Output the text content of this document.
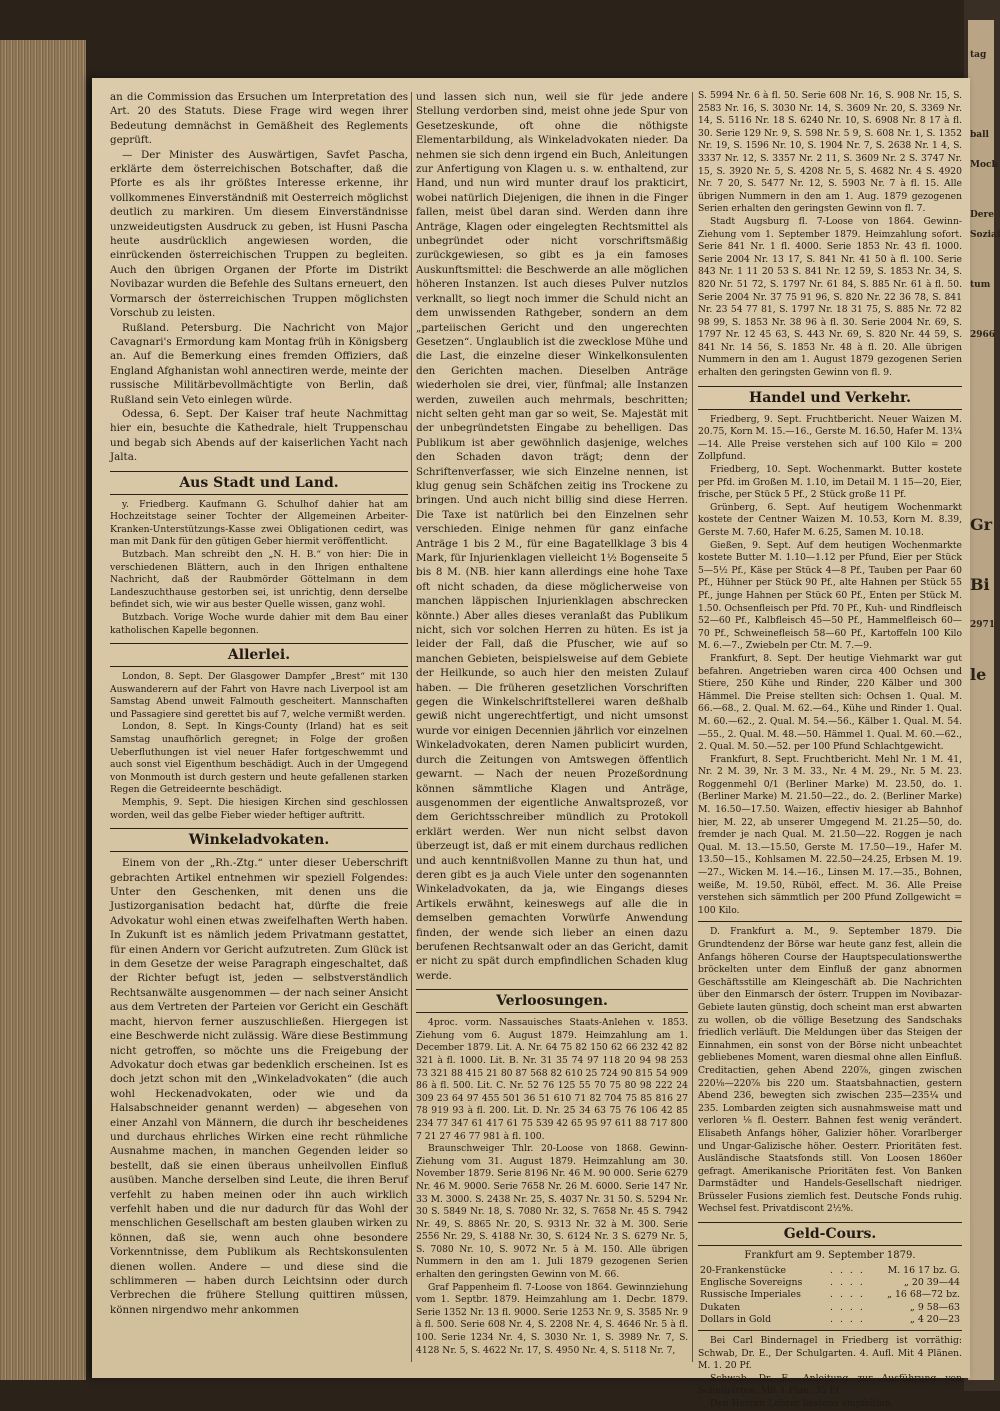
tag
ball
Moch
Dere
Sozial
tum
2966
Gr
Bi
le
2971

an die Commission das Ersuchen um Interpretation des Art. 20 des Statuts. Diese Frage wird wegen ihrer Bedeutung demnächst in Gemäßheit des Reglements geprüft.

— Der Minister des Auswärtigen, Savfet Pascha, erklärte dem österreichischen Botschafter, daß die Pforte es als ihr größtes Interesse erkenne, ihr vollkommenes Einverständniß mit Oesterreich möglichst deutlich zu markiren. Um diesem Einverständnisse unzweideutigsten Ausdruck zu geben, ist Husni Pascha heute ausdrücklich angewiesen worden, die einrückenden österreichischen Truppen zu begleiten. Auch den übrigen Organen der Pforte im Distrikt Novibazar wurden die Befehle des Sultans erneuert, den Vormarsch der österreichischen Truppen möglichsten Vorschub zu leisten.

Rußland. Petersburg. Die Nachricht von Major Cavagnari's Ermordung kam Montag früh in Königsberg an. Auf die Bemerkung eines fremden Offiziers, daß England Afghanistan wohl annectiren werde, meinte der russische Militärbevollmächtigte von Berlin, daß Rußland sein Veto einlegen würde.

Odessa, 6. Sept. Der Kaiser traf heute Nachmittag hier ein, besuchte die Kathedrale, hielt Truppenschau und begab sich Abends auf der kaiserlichen Yacht nach Jalta.

Aus Stadt und Land.

y. Friedberg. Kaufmann G. Schulhof dahier hat am Hochzeitstage seiner Tochter der Allgemeinen Arbeiter-Kranken-Unterstützungs-Kasse zwei Obligationen cedirt, was man mit Dank für den gütigen Geber hiermit veröffentlicht.

Butzbach. Man schreibt den „N. H. B.“ von hier: Die in verschiedenen Blättern, auch in den Ihrigen enthaltene Nachricht, daß der Raubmörder Göttelmann in dem Landeszuchthause gestorben sei, ist unrichtig, denn derselbe befindet sich, wie wir aus bester Quelle wissen, ganz wohl.

Butzbach. Vorige Woche wurde dahier mit dem Bau einer katholischen Kapelle begonnen.

Allerlei.

London, 8. Sept. Der Glasgower Dampfer „Brest“ mit 130 Auswanderern auf der Fahrt von Havre nach Liverpool ist am Samstag Abend unweit Falmouth gescheitert. Mannschaften und Passagiere sind gerettet bis auf 7, welche vermißt werden.

London, 8. Sept. In Kings-County (Irland) hat es seit Samstag unaufhörlich geregnet; in Folge der großen Ueberfluthungen ist viel neuer Hafer fortgeschwemmt und auch sonst viel Eigenthum beschädigt. Auch in der Umgegend von Monmouth ist durch gestern und heute gefallenen starken Regen die Getreideernte beschädigt.

Memphis, 9. Sept. Die hiesigen Kirchen sind geschlossen worden, weil das gelbe Fieber wieder heftiger auftritt.

Winkeladvokaten.

Einem von der „Rh.-Ztg.“ unter dieser Ueberschrift gebrachten Artikel entnehmen wir speziell Folgendes: Unter den Geschenken, mit denen uns die Justizorganisation bedacht hat, dürfte die freie Advokatur wohl einen etwas zweifelhaften Werth haben. In Zukunft ist es nämlich jedem Privatmann gestattet, für einen Andern vor Gericht aufzutreten. Zum Glück ist in dem Gesetze der weise Paragraph eingeschaltet, daß der Richter befugt ist, jeden — selbstverständlich Rechtsanwälte ausgenommen — der nach seiner Ansicht aus dem Vertreten der Parteien vor Gericht ein Geschäft macht, hiervon ferner auszuschließen. Hiergegen ist eine Beschwerde nicht zulässig. Wäre diese Bestimmung nicht getroffen, so möchte uns die Freigebung der Advokatur doch etwas gar bedenklich erscheinen. Ist es doch jetzt schon mit den „Winkeladvokaten“ (die auch wohl Heckenadvokaten, oder wie und da Halsabschneider genannt werden) — abgesehen von einer Anzahl von Männern, die durch ihr bescheidenes und durchaus ehrliches Wirken eine recht rühmliche Ausnahme machen, in manchen Gegenden leider so bestellt, daß sie einen überaus unheilvollen Einfluß ausüben. Manche derselben sind Leute, die ihren Beruf verfehlt zu haben meinen oder ihn auch wirklich verfehlt haben und die nur dadurch für das Wohl der menschlichen Gesellschaft am besten glauben wirken zu können, daß sie, wenn auch ohne besondere Vorkenntnisse, dem Publikum als Rechtskonsulenten dienen wollen. Andere — und diese sind die schlimmeren — haben durch Leichtsinn oder durch Verbrechen die frühere Stellung quittiren müssen, können nirgendwo mehr ankommen

und lassen sich nun, weil sie für jede andere Stellung verdorben sind, meist ohne jede Spur von Gesetzeskunde, oft ohne die nöthigste Elementarbildung, als Winkeladvokaten nieder. Da nehmen sie sich denn irgend ein Buch, Anleitungen zur Anfertigung von Klagen u. s. w. enthaltend, zur Hand, und nun wird munter drauf los prakticirt, wobei natürlich Diejenigen, die ihnen in die Finger fallen, meist übel daran sind. Werden dann ihre Anträge, Klagen oder eingelegten Rechtsmittel als unbegründet oder nicht vorschriftsmäßig zurückgewiesen, so gibt es ja ein famoses Auskunftsmittel: die Beschwerde an alle möglichen höheren Instanzen. Ist auch dieses Pulver nutzlos verknallt, so liegt noch immer die Schuld nicht an dem unwissenden Rathgeber, sondern an dem „parteiischen Gericht und den ungerechten Gesetzen“. Unglaublich ist die zwecklose Mühe und die Last, die einzelne dieser Winkelkonsulenten den Gerichten machen. Dieselben Anträge wiederholen sie drei, vier, fünfmal; alle Instanzen werden, zuweilen auch mehrmals, beschritten; nicht selten geht man gar so weit, Se. Majestät mit der unbegründetsten Eingabe zu behelligen. Das Publikum ist aber gewöhnlich dasjenige, welches den Schaden davon trägt; denn der Schriftenverfasser, wie sich Einzelne nennen, ist klug genug sein Schäfchen zeitig ins Trockene zu bringen. Und auch nicht billig sind diese Herren. Die Taxe ist natürlich bei den Einzelnen sehr verschieden. Einige nehmen für ganz einfache Anträge 1 bis 2 M., für eine Bagatellklage 3 bis 4 Mark, für Injurienklagen vielleicht 1½ Bogenseite 5 bis 8 M. (NB. hier kann allerdings eine hohe Taxe oft nicht schaden, da diese möglicherweise von manchen läppischen Injurienklagen abschrecken könnte.) Aber alles dieses veranlaßt das Publikum nicht, sich vor solchen Herren zu hüten. Es ist ja leider der Fall, daß die Pfuscher, wie auf so manchen Gebieten, beispielsweise auf dem Gebiete der Heilkunde, so auch hier den meisten Zulauf haben. — Die früheren gesetzlichen Vorschriften gegen die Winkelschriftstellerei waren deßhalb gewiß nicht ungerechtfertigt, und nicht umsonst wurde vor einigen Decennien jährlich vor einzelnen Winkeladvokaten, deren Namen publicirt wurden, durch die Zeitungen von Amtswegen öffentlich gewarnt. — Nach der neuen Prozeßordnung können sämmtliche Klagen und Anträge, ausgenommen der eigentliche Anwaltsprozeß, vor dem Gerichtsschreiber mündlich zu Protokoll erklärt werden. Wer nun nicht selbst davon überzeugt ist, daß er mit einem durchaus redlichen und auch kenntnißvollen Manne zu thun hat, und deren gibt es ja auch Viele unter den sogenannten Winkeladvokaten, da ja, wie Eingangs dieses Artikels erwähnt, keineswegs auf alle die in demselben gemachten Vorwürfe Anwendung finden, der wende sich lieber an einen dazu berufenen Rechtsanwalt oder an das Gericht, damit er nicht zu spät durch empfindlichen Schaden klug werde.

Verloosungen.

4proc. vorm. Nassauisches Staats-Anlehen v. 1853. Ziehung vom 6. August 1879. Heimzahlung am 1. December 1879. Lit. A. Nr. 64 75 82 150 62 66 232 42 82 321 à fl. 1000. Lit. B. Nr. 31 35 74 97 118 20 94 98 253 73 321 88 415 21 80 87 568 82 610 25 724 90 815 54 909 86 à fl. 500. Lit. C. Nr. 52 76 125 55 70 75 80 98 222 24 309 23 64 97 455 501 36 51 610 71 82 704 75 85 816 27 78 919 93 à fl. 200. Lit. D. Nr. 25 34 63 75 76 106 42 85 234 77 347 61 417 61 75 539 42 65 95 97 611 88 717 800 7 21 27 46 77 981 à fl. 100.

Braunschweiger Thlr. 20-Loose von 1868. Gewinn-Ziehung vom 31. August 1879. Heimzahlung am 30. November 1879. Serie 8196 Nr. 46 M. 90 000. Serie 6279 Nr. 46 M. 9000. Serie 7658 Nr. 26 M. 6000. Serie 147 Nr. 33 M. 3000. S. 2438 Nr. 25, S. 4037 Nr. 31 50. S. 5294 Nr. 30 S. 5849 Nr. 18, S. 7080 Nr. 32, S. 7658 Nr. 45 S. 7942 Nr. 49, S. 8865 Nr. 20, S. 9313 Nr. 32 à M. 300. Serie 2556 Nr. 29, S. 4188 Nr. 30, S. 6124 Nr. 3 S. 6279 Nr. 5, S. 7080 Nr. 10, S. 9072 Nr. 5 à M. 150. Alle übrigen Nummern in den am 1. Juli 1879 gezogenen Serien erhalten den geringsten Gewinn von M. 66.

Graf Pappenheim fl. 7-Loose von 1864. Gewinnziehung vom 1. Septbr. 1879. Heimzahlung am 1. Decbr. 1879. Serie 1352 Nr. 13 fl. 9000. Serie 1253 Nr. 9, S. 3585 Nr. 9 à fl. 500. Serie 608 Nr. 4, S. 2208 Nr. 4, S. 4646 Nr. 5 à fl. 100. Serie 1234 Nr. 4, S. 3030 Nr. 1, S. 3989 Nr. 7, S. 4128 Nr. 5, S. 4622 Nr. 17, S. 4950 Nr. 4, S. 5118 Nr. 7,

S. 5994 Nr. 6 à fl. 50. Serie 608 Nr. 16, S. 908 Nr. 15, S. 2583 Nr. 16, S. 3030 Nr. 14, S. 3609 Nr. 20, S. 3369 Nr. 14, S. 5116 Nr. 18 S. 6240 Nr. 10, S. 6908 Nr. 8 17 à fl. 30. Serie 129 Nr. 9, S. 598 Nr. 5 9, S. 608 Nr. 1, S. 1352 Nr. 19, S. 1596 Nr. 10, S. 1904 Nr. 7, S. 2638 Nr. 1 4, S. 3337 Nr. 12, S. 3357 Nr. 2 11, S. 3609 Nr. 2 S. 3747 Nr. 15, S. 3920 Nr. 5, S. 4208 Nr. 5, S. 4682 Nr. 4 S. 4920 Nr. 7 20, S. 5477 Nr. 12, S. 5903 Nr. 7 à fl. 15. Alle übrigen Nummern in den am 1. Aug. 1879 gezogenen Serien erhalten den geringsten Gewinn von fl. 7.

Stadt Augsburg fl. 7-Loose von 1864. Gewinn-Ziehung vom 1. September 1879. Heimzahlung sofort. Serie 841 Nr. 1 fl. 4000. Serie 1853 Nr. 43 fl. 1000. Serie 2004 Nr. 13 17, S. 841 Nr. 41 50 à fl. 100. Serie 843 Nr. 1 11 20 53 S. 841 Nr. 12 59, S. 1853 Nr. 34, S. 820 Nr. 51 72, S. 1797 Nr. 61 84, S. 885 Nr. 61 à fl. 50. Serie 2004 Nr. 37 75 91 96, S. 820 Nr. 22 36 78, S. 841 Nr. 23 54 77 81, S. 1797 Nr. 18 31 75, S. 885 Nr. 72 82 98 99, S. 1853 Nr. 38 96 à fl. 30. Serie 2004 Nr. 69, S. 1797 Nr. 12 45 63, S. 443 Nr. 69, S. 820 Nr. 44 59, S. 841 Nr. 14 56, S. 1853 Nr. 48 à fl. 20. Alle übrigen Nummern in den am 1. August 1879 gezogenen Serien erhalten den geringsten Gewinn von fl. 9.

Handel und Verkehr.

Friedberg, 9. Sept. Fruchtbericht. Neuer Waizen M. 20.75, Korn M. 15.—16., Gerste M. 16.50, Hafer M. 13¼—14. Alle Preise verstehen sich auf 100 Kilo = 200 Zollpfund.

Friedberg, 10. Sept. Wochenmarkt. Butter kostete per Pfd. im Großen M. 1.10, im Detail M. 1 15—20, Eier, frische, per Stück 5 Pf., 2 Stück große 11 Pf.

Grünberg, 6. Sept. Auf heutigem Wochenmarkt kostete der Centner Waizen M. 10.53, Korn M. 8.39, Gerste M. 7.60, Hafer M. 6.25, Samen M. 10.18.

Gießen, 9. Sept. Auf dem heutigen Wochenmarkte kostete Butter M. 1.10—1.12 per Pfund, Eier per Stück 5—5½ Pf., Käse per Stück 4—8 Pf., Tauben per Paar 60 Pf., Hühner per Stück 90 Pf., alte Hahnen per Stück 55 Pf., junge Hahnen per Stück 60 Pf., Enten per Stück M. 1.50. Ochsenfleisch per Pfd. 70 Pf., Kuh- und Rindfleisch 52—60 Pf., Kalbfleisch 45—50 Pf., Hammelfleisch 60—70 Pf., Schweinefleisch 58—60 Pf., Kartoffeln 100 Kilo M. 6.—7., Zwiebeln per Ctr. M. 7.—9.

Frankfurt, 8. Sept. Der heutige Viehmarkt war gut befahren. Angetrieben waren circa 400 Ochsen und Stiere, 250 Kühe und Rinder, 220 Kälber und 300 Hämmel. Die Preise stellten sich: Ochsen 1. Qual. M. 66.—68., 2. Qual. M. 62.—64., Kühe und Rinder 1. Qual. M. 60.—62., 2. Qual. M. 54.—56., Kälber 1. Qual. M. 54.—55., 2. Qual. M. 48.—50. Hämmel 1. Qual. M. 60.—62., 2. Qual. M. 50.—52. per 100 Pfund Schlachtgewicht.

Frankfurt, 8. Sept. Fruchtbericht. Mehl Nr. 1 M. 41, Nr. 2 M. 39, Nr. 3 M. 33., Nr. 4 M. 29., Nr. 5 M. 23. Roggenmehl 0/1 (Berliner Marke) M. 23.50, do. 1. (Berliner Marke) M. 21.50—22., do. 2. (Berliner Marke) M. 16.50—17.50. Waizen, effectiv hiesiger ab Bahnhof hier, M. 22, ab unserer Umgegend M. 21.25—50, do. fremder je nach Qual. M. 21.50—22. Roggen je nach Qual. M. 13.—15.50, Gerste M. 17.50—19., Hafer M. 13.50—15., Kohlsamen M. 22.50—24.25, Erbsen M. 19.—27., Wicken M. 14.—16., Linsen M. 17.—35., Bohnen, weiße, M. 19.50, Rüböl, effect. M. 36. Alle Preise verstehen sich sämmtlich per 200 Pfund Zollgewicht = 100 Kilo.

D. Frankfurt a. M., 9. September 1879. Die Grundtendenz der Börse war heute ganz fest, allein die Anfangs höheren Course der Hauptspeculationswerthe bröckelten unter dem Einfluß der ganz abnormen Geschäftsstille am Kleingeschäft ab. Die Nachrichten über den Einmarsch der österr. Truppen im Novibazar-Gebiete lauten günstig, doch scheint man erst abwarten zu wollen, ob die völlige Besetzung des Sandschaks friedlich verläuft. Die Meldungen über das Steigen der Einnahmen, ein sonst von der Börse nicht unbeachtet gebliebenes Moment, waren diesmal ohne allen Einfluß. Creditactien, gehen Abend 220⅞, gingen zwischen 220⅛—220⅞ bis 220 um. Staatsbahnactien, gestern Abend 236, bewegten sich zwischen 235—235¼ und 235. Lombarden zeigten sich ausnahmsweise matt und verloren ⅛ fl. Oesterr. Bahnen fest wenig verändert. Elisabeth Anfangs höher, Galizier höher. Vorarlberger und Ungar-Galizische höher. Oesterr. Prioritäten fest. Ausländische Staatsfonds still. Von Loosen 1860er gefragt. Amerikanische Prioritäten fest. Von Banken Darmstädter und Handels-Gesellschaft niedriger. Brüsseler Fusions ziemlich fest. Deutsche Fonds ruhig. Wechsel fest. Privatdiscont 2½%.

Geld-Cours.
Frankfurt am 9. September 1879.
20-Frankenstücke	. . . .	M. 16 17 bz. G.
Englische Sovereigns	. . . .	„ 20 39—44
Russische Imperiales	. . . .	„ 16 68—72 bz.
Dukaten	. . . .	„ 9 58—63
Dollars in Gold	. . . .	„ 4 20—23

Bei Carl Bindernagel in Friedberg ist vorräthig: Schwab, Dr. E., Der Schulgarten. 4. Aufl. Mit 4 Plänen. M. 1. 20 Pf.

Schwab, Dr. E., Anleitung zur Ausführung von Schulgärten. Mit 1 Plan. 35 Pf.

Den Herren Lehrer bestens empfohlen.
